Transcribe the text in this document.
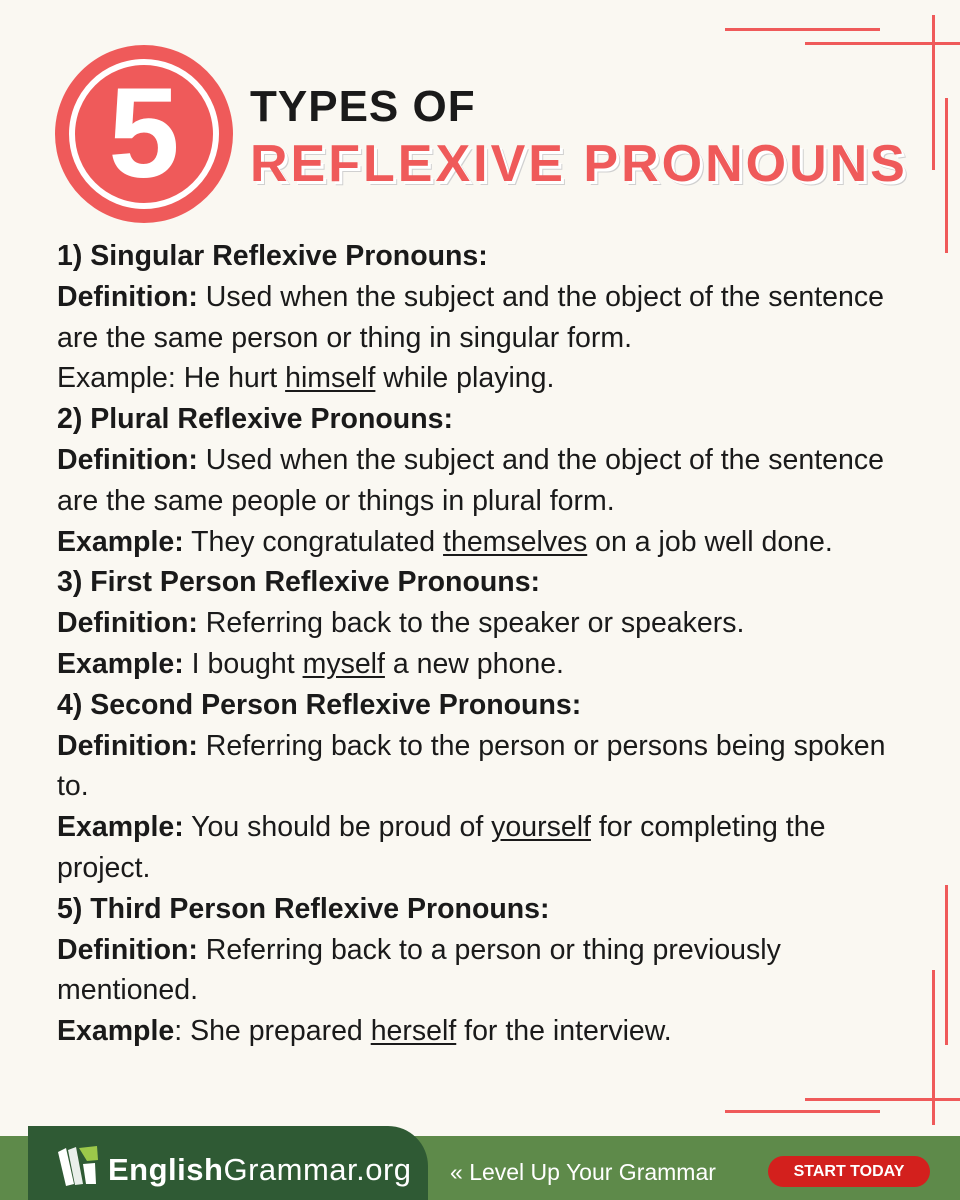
5	TYPES OF
REFLEXIVE PRONOUNS

1) Singular Reflexive Pronouns:

Definition: Used when the subject and the object of the sentence are the same person or thing in singular form.

Example: He hurt himself while playing.

2) Plural Reflexive Pronouns:

Definition: Used when the subject and the object of the sentence are the same people or things in plural form.

Example: They congratulated themselves on a job well done.

3) First Person Reflexive Pronouns:

Definition: Referring back to the speaker or speakers.

Example: I bought myself a new phone.

4) Second Person Reflexive Pronouns:

Definition: Referring back to the person or persons being spoken to.

Example: You should be proud of yourself for completing the project.

5) Third Person Reflexive Pronouns:

Definition: Referring back to a person or thing previously mentioned.

Example: She prepared herself for the interview.

EnglishGrammar.org « Level Up Your Grammar	START TODAY
